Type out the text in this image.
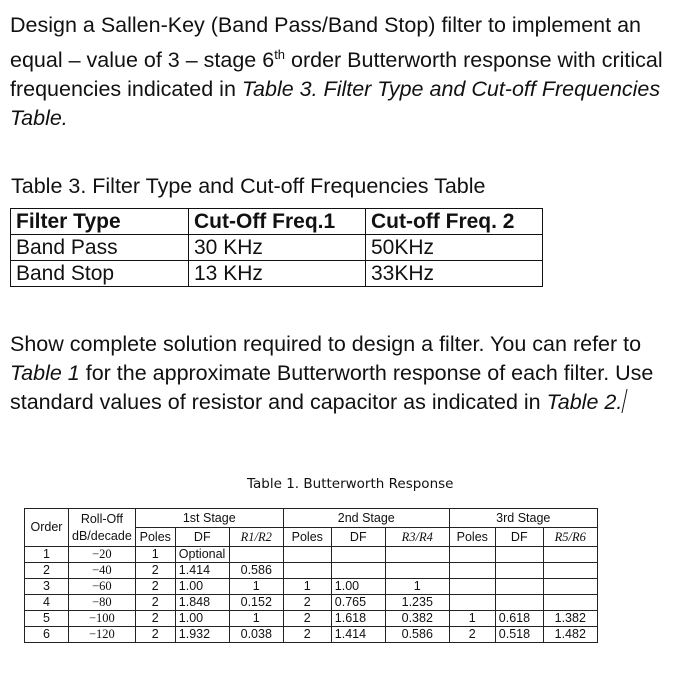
Design a Sallen-Key (Band Pass/Band Stop) filter to implement an equal – value of 3 – stage 6th order Butterworth response with critical frequencies indicated in Table 3. Filter Type and Cut-off Frequencies Table.

Table 3. Filter Type and Cut-off Frequencies Table
Filter Type	Cut-Off Freq.1	Cut-off Freq. 2
Band Pass	30 KHz	50KHz
Band Stop	13 KHz	33KHz

Show complete solution required to design a filter. You can refer to Table 1 for the approximate Butterworth response of each filter. Use standard values of resistor and capacitor as indicated in Table 2.

Table 1. Butterworth Response
Order	Roll-Off dB/decade	1st Stage			2nd Stage			3rd Stage		
		Poles	DF	R1/R2	Poles	DF	R3/R4	Poles	DF	R5/R6
1	−20	1	Optional							
2	−40	2	1.414	0.586						
3	−60	2	1.00	1	1	1.00	1			
4	−80	2	1.848	0.152	2	0.765	1.235			
5	−100	2	1.00	1	2	1.618	0.382	1	0.618	1.382
6	−120	2	1.932	0.038	2	1.414	0.586	2	0.518	1.482
